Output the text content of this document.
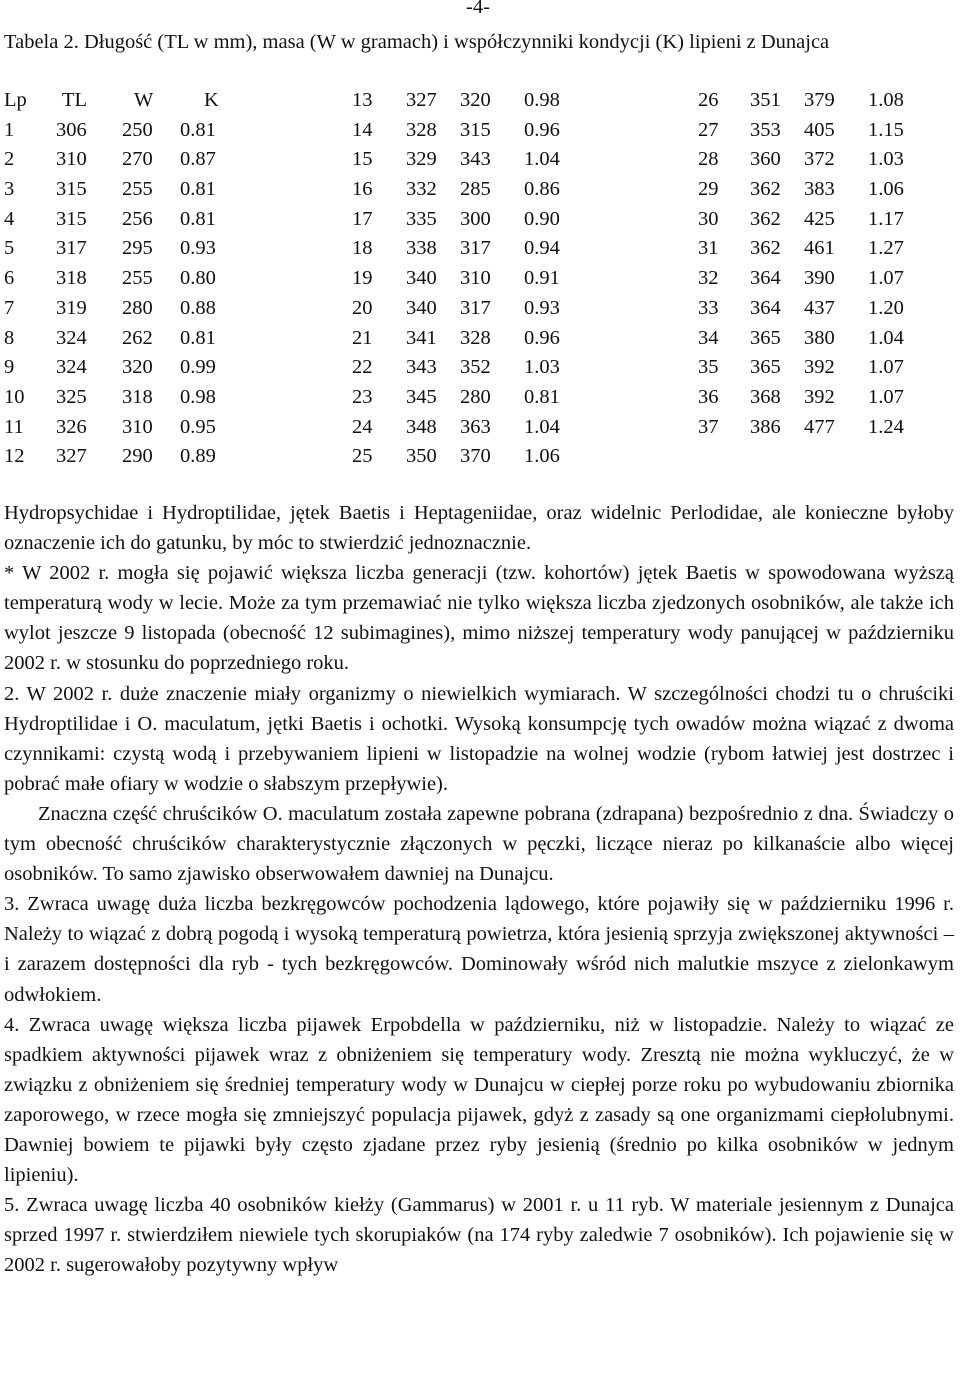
-4-
Tabela 2. Długość (TL w mm), masa (W w gramach) i współczynniki kondycji (K) lipieni z Dunajca
Lp TL W K
1 306 250 0.81
2 310 270 0.87
3 315 255 0.81
4 315 256 0.81
5 317 295 0.93
6 318 255 0.80
7 319 280 0.88
8 324 262 0.81
9 324 320 0.99
10 325 318 0.98
11 326 310 0.95
12 327 290 0.89
13 327 320 0.98
14 328 315 0.96
15 329 343 1.04
16 332 285 0.86
17 335 300 0.90
18 338 317 0.94
19 340 310 0.91
20 340 317 0.93
21 341 328 0.96
22 343 352 1.03
23 345 280 0.81
24 348 363 1.04
25 350 370 1.06
26 351 379 1.08
27 353 405 1.15
28 360 372 1.03
29 362 383 1.06
30 362 425 1.17
31 362 461 1.27
32 364 390 1.07
33 364 437 1.20
34 365 380 1.04
35 365 392 1.07
36 368 392 1.07
37 386 477 1.24

Hydropsychidae i Hydroptilidae, jętek Baetis i Heptageniidae, oraz widelnic Perlodidae, ale konieczne byłoby oznaczenie ich do gatunku, by móc to stwierdzić jednoznacznie.

* W 2002 r. mogła się pojawić większa liczba generacji (tzw. kohortów) jętek Baetis w spowodowana wyższą temperaturą wody w lecie. Może za tym przemawiać nie tylko większa liczba zjedzonych osobników, ale także ich wylot jeszcze 9 listopada (obecność 12 subimagines), mimo niższej temperatury wody panującej w październiku 2002 r. w stosunku do poprzedniego roku.

2. W 2002 r. duże znaczenie miały organizmy o niewielkich wymiarach. W szczególności chodzi tu o chruściki Hydroptilidae i O. maculatum, jętki Baetis i ochotki. Wysoką konsumpcję tych owadów można wiązać z dwoma czynnikami: czystą wodą i przebywaniem lipieni w listopadzie na wolnej wodzie (rybom łatwiej jest dostrzec i pobrać małe ofiary w wodzie o słabszym przepływie).

Znaczna część chruścików O. maculatum została zapewne pobrana (zdrapana) bezpośrednio z dna. Świadczy o tym obecność chruścików charakterystycznie złączonych w pęczki, liczące nieraz po kilkanaście albo więcej osobników. To samo zjawisko obserwowałem dawniej na Dunajcu.

3. Zwraca uwagę duża liczba bezkręgowców pochodzenia lądowego, które pojawiły się w październiku 1996 r. Należy to wiązać z dobrą pogodą i wysoką temperaturą powietrza, która jesienią sprzyja zwiększonej aktywności – i zarazem dostępności dla ryb - tych bezkręgowców. Dominowały wśród nich malutkie mszyce z zielonkawym odwłokiem.

4. Zwraca uwagę większa liczba pijawek Erpobdella w październiku, niż w listopadzie. Należy to wiązać ze spadkiem aktywności pijawek wraz z obniżeniem się temperatury wody. Zresztą nie można wykluczyć, że w związku z obniżeniem się średniej temperatury wody w Dunajcu w ciepłej porze roku po wybudowaniu zbiornika zaporowego, w rzece mogła się zmniejszyć populacja pijawek, gdyż z zasady są one organizmami ciepłolubnymi. Dawniej bowiem te pijawki były często zjadane przez ryby jesienią (średnio po kilka osobników w jednym lipieniu).

5. Zwraca uwagę liczba 40 osobników kiełży (Gammarus) w 2001 r. u 11 ryb. W materiale jesiennym z Dunajca sprzed 1997 r. stwierdziłem niewiele tych skorupiaków (na 174 ryby zaledwie 7 osobników). Ich pojawienie się w 2002 r. sugerowałoby pozytywny wpływ
